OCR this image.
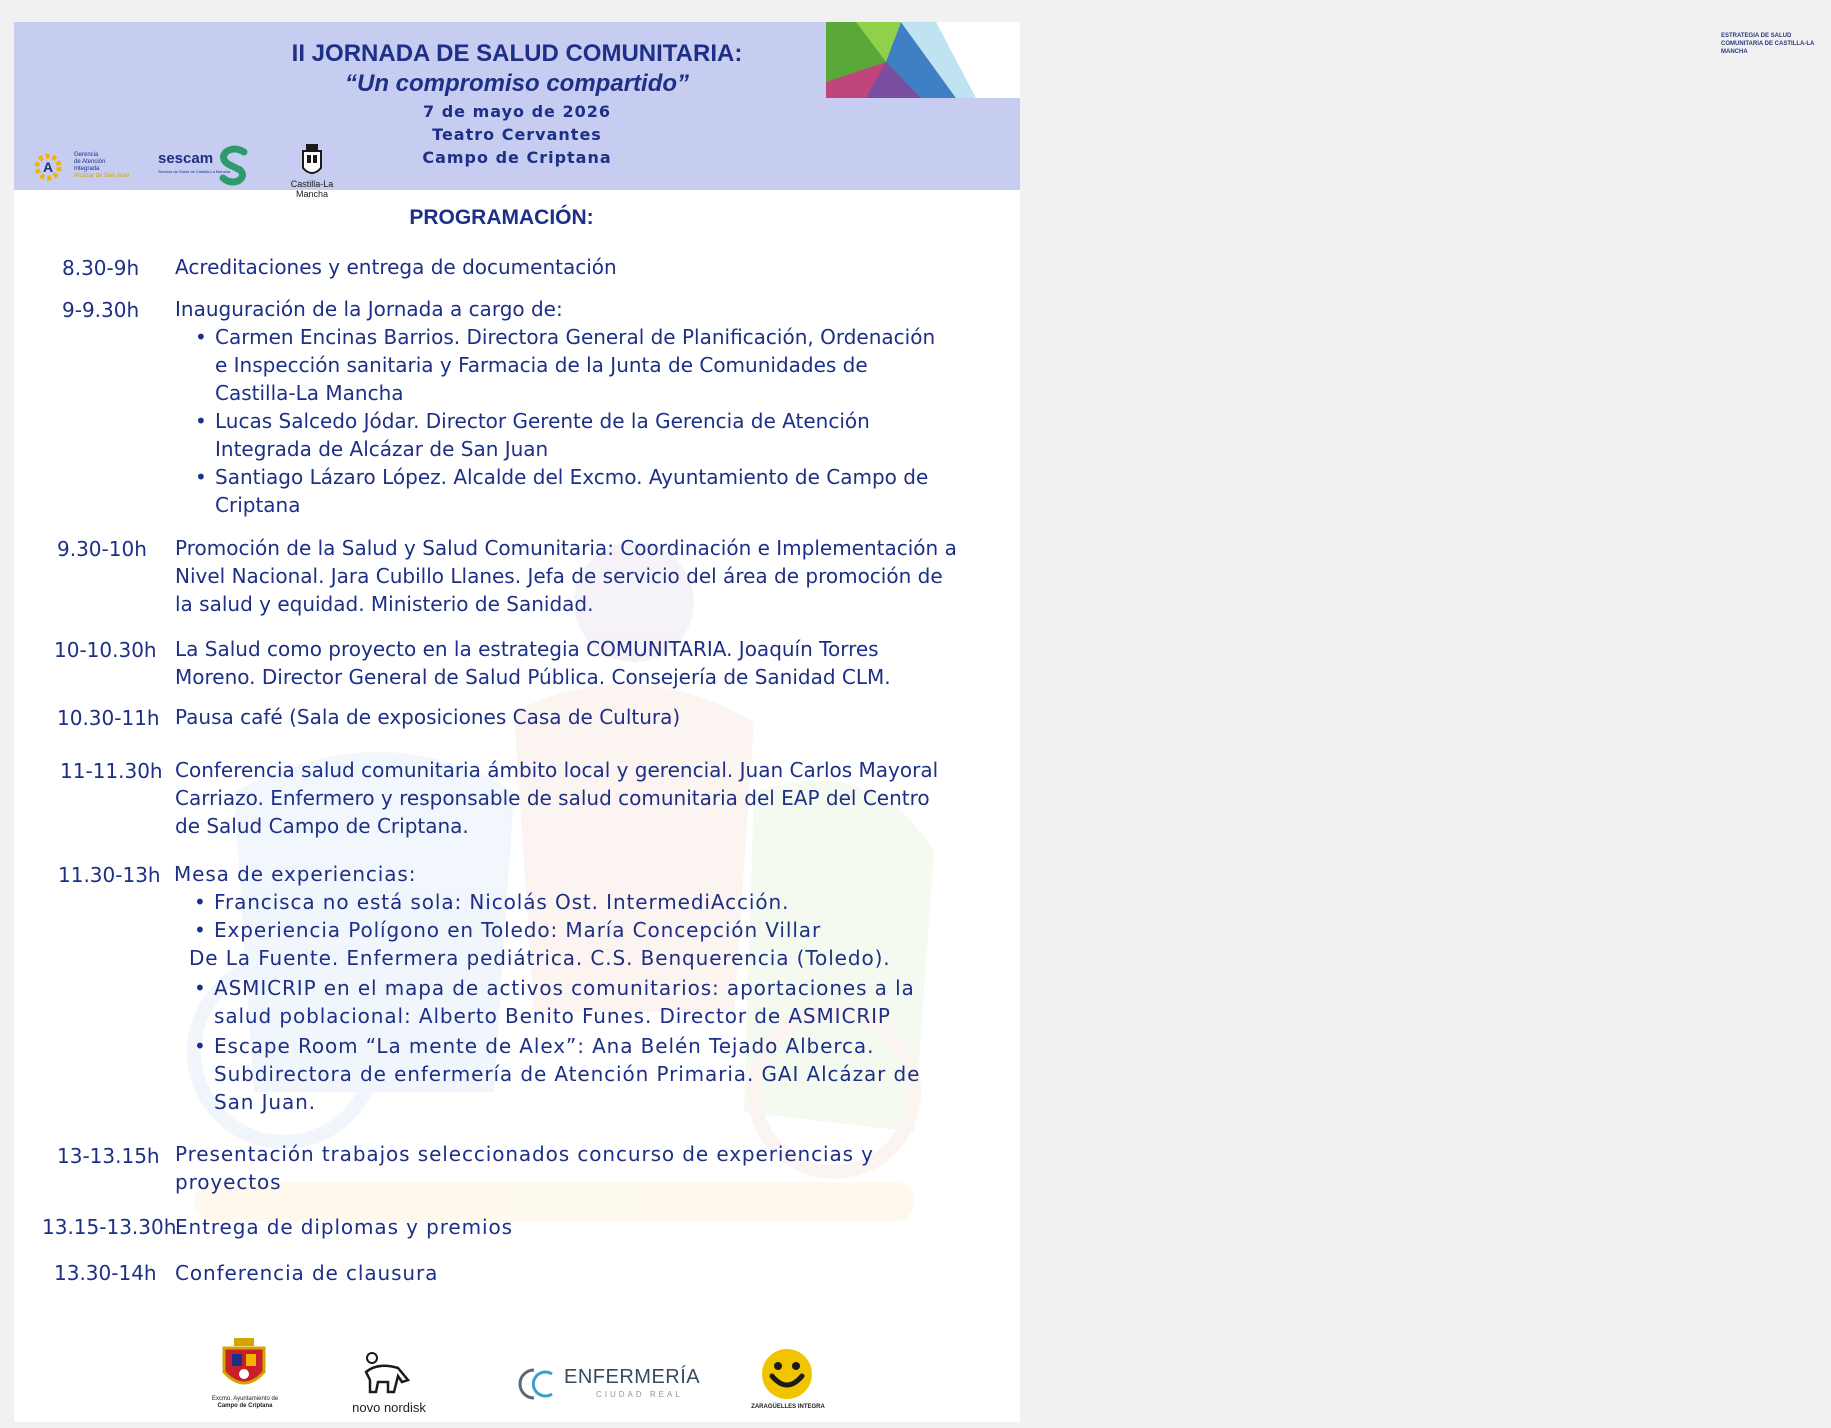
II JORNADA DE SALUD COMUNITARIA:
“Un compromiso compartido”
7 de mayo de 2026
Teatro Cervantes
Campo de Criptana
ESTRATEGIA DE SALUD COMUNITARIA DE CASTILLA-LA MANCHA
A
Gerencia
de Atención
Integrada
Alcázar de San Juan
sescam
Servicio de Salud de Castilla-La Mancha
Castilla-La Mancha
PROGRAMACIÓN:
8.30-9h Acreditaciones y entrega de documentación
9-9.30h Inauguración de la Jornada a cargo de:
• Carmen Encinas Barrios. Directora General de Planificación, Ordenación
e Inspección sanitaria y Farmacia de la Junta de Comunidades de
Castilla-La Mancha
• Lucas Salcedo Jódar. Director Gerente de la Gerencia de Atención
Integrada de Alcázar de San Juan
• Santiago Lázaro López. Alcalde del Excmo. Ayuntamiento de Campo de
Criptana
9.30-10h Promoción de la Salud y Salud Comunitaria: Coordinación e Implementación a
Nivel Nacional. Jara Cubillo Llanes. Jefa de servicio del área de promoción de
la salud y equidad. Ministerio de Sanidad.
10-10.30h La Salud como proyecto en la estrategia COMUNITARIA. Joaquín Torres
Moreno. Director General de Salud Pública. Consejería de Sanidad CLM.
10.30-11h Pausa café (Sala de exposiciones Casa de Cultura)
11-11.30h Conferencia salud comunitaria ámbito local y gerencial. Juan Carlos Mayoral
Carriazo. Enfermero y responsable de salud comunitaria del EAP del Centro
de Salud Campo de Criptana.
11.30-13h Mesa de experiencias:
• Francisca no está sola: Nicolás Ost. IntermediAcción.
• Experiencia Polígono en Toledo: María Concepción Villar
De La Fuente. Enfermera pediátrica. C.S. Benquerencia (Toledo).
• ASMICRIP en el mapa de activos comunitarios: aportaciones a la
salud poblacional: Alberto Benito Funes. Director de ASMICRIP
• Escape Room “La mente de Alex”: Ana Belén Tejado Alberca.
Subdirectora de enfermería de Atención Primaria. GAI Alcázar de
San Juan.
13-13.15h Presentación trabajos seleccionados concurso de experiencias y
proyectos
13.15-13.30h
Entrega de diplomas y premios
13.30-14h Conferencia de clausura
Excmo. Ayuntamiento de
Campo de Criptana	novo nordisk
ENFERMERÍA
CIUDAD REAL
ZARAGÜELLES INTEGRA
